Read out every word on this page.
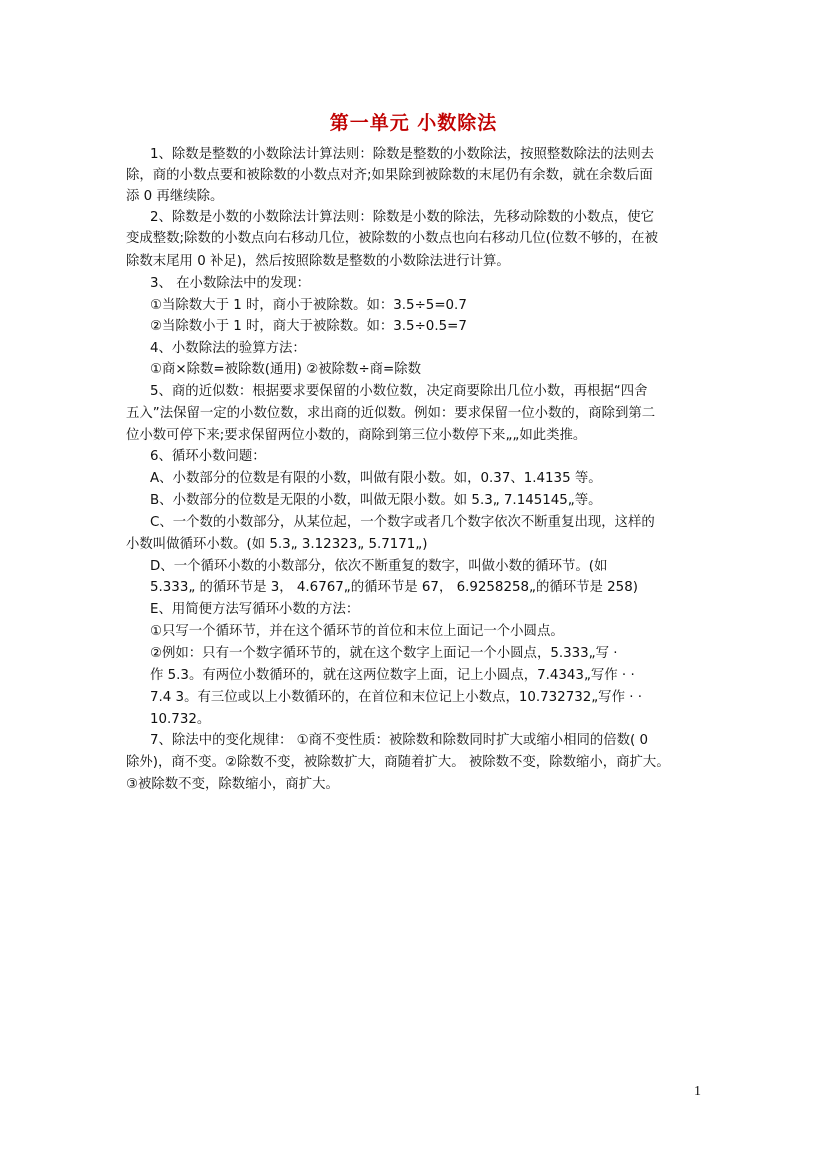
第一单元 小数除法
1、除数是整数的小数除法计算法则：除数是整数的小数除法，按照整数除法的法则去
除，商的小数点要和被除数的小数点对齐;如果除到被除数的末尾仍有余数，就在余数后面
添 0 再继续除。
2、除数是小数的小数除法计算法则：除数是小数的除法，先移动除数的小数点，使它
变成整数;除数的小数点向右移动几位，被除数的小数点也向右移动几位(位数不够的，在被
除数末尾用 0 补足)，然后按照除数是整数的小数除法进行计算。
3、 在小数除法中的发现：
①当除数大于 1 时，商小于被除数。如：3.5÷5=0.7
②当除数小于 1 时，商大于被除数。如：3.5÷0.5=7
4、小数除法的验算方法：
①商×除数=被除数(通用) ②被除数÷商=除数
5、商的近似数：根据要求要保留的小数位数，决定商要除出几位小数，再根据“四舍
五入”法保留一定的小数位数，求出商的近似数。例如：要求保留一位小数的，商除到第二
位小数可停下来;要求保留两位小数的，商除到第三位小数停下来„„如此类推。
6、循环小数问题：
A、小数部分的位数是有限的小数，叫做有限小数。如，0.37、1.4135 等。
B、小数部分的位数是无限的小数，叫做无限小数。如 5.3„ 7.145145„等。
C、一个数的小数部分，从某位起，一个数字或者几个数字依次不断重复出现，这样的
小数叫做循环小数。(如 5.3„ 3.12323„ 5.7171„)
D、一个循环小数的小数部分，依次不断重复的数字，叫做小数的循环节。(如
5.333„ 的循环节是 3， 4.6767„的循环节是 67， 6.9258258„的循环节是 258)
E、用简便方法写循环小数的方法：
①只写一个循环节，并在这个循环节的首位和末位上面记一个小圆点。
②例如：只有一个数字循环节的，就在这个数字上面记一个小圆点，5.333„写 ·
作 5.3。有两位小数循环的，就在这两位数字上面，记上小圆点，7.4343„写作 · ·
7.4 3。有三位或以上小数循环的，在首位和末位记上小数点，10.732732„写作 · ·
10.732。
7、除法中的变化规律： ①商不变性质：被除数和除数同时扩大或缩小相同的倍数( 0
除外)，商不变。②除数不变，被除数扩大，商随着扩大。 被除数不变，除数缩小，商扩大。
③被除数不变，除数缩小，商扩大。
1
